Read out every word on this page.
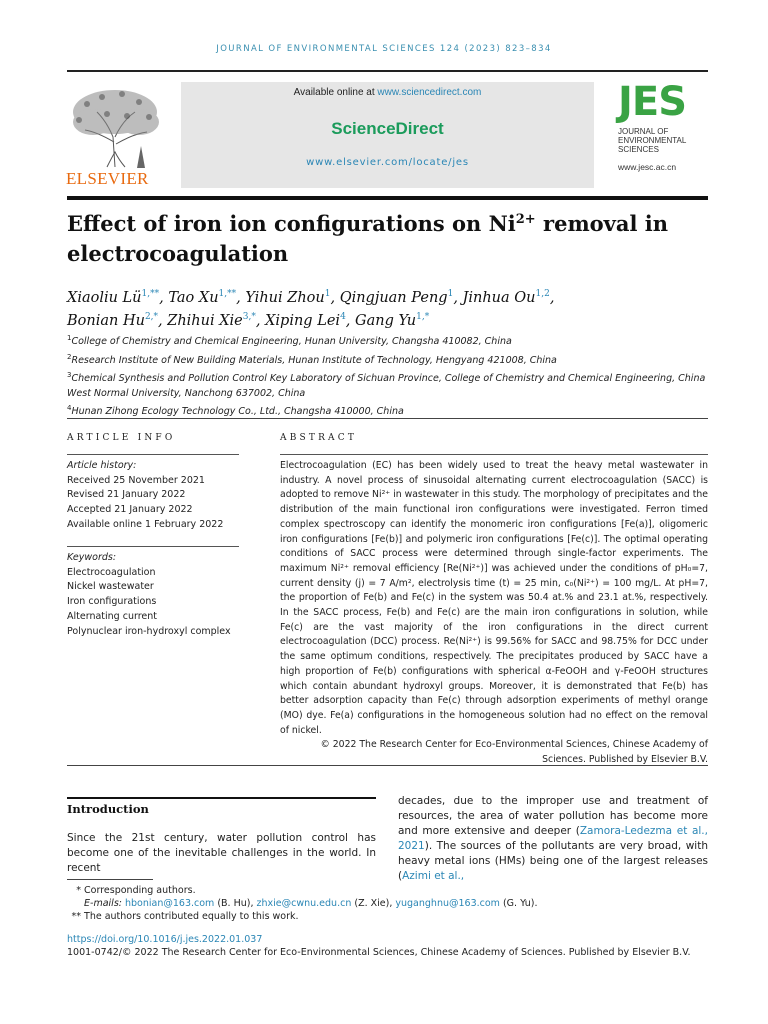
JOURNAL OF ENVIRONMENTAL SCIENCES 124 (2023) 823–834
ELSEVIER
Available online at www.sciencedirect.com
ScienceDirect
www.elsevier.com/locate/jes
JES
JOURNAL OF
ENVIRONMENTAL
SCIENCES
www.jesc.ac.cn
Effect of iron ion configurations on $Ni^{2+}$ removal in electrocoagulation
Xiaoliu $Lü^{1,**}$, Tao $Xu^{1,**}$, Yihui Zhou$^1$, Qingjuan Peng$^1$, Jinhua Ou$^{1,2}$,
Bonian $Hu^{2,*}$, Zhihui Xie$^{3,*}$, Xiping Lei$^4$, Gang $Yu^{1,*}$
$^1$College of Chemistry and Chemical Engineering, Hunan University, Changsha 410082, China
$^2$Research Institute of New Building Materials, Hunan Institute of Technology, Hengyang 421008, China
$^3$Chemical Synthesis and Pollution Control Key Laboratory of Sichuan Province, College of Chemistry and Chemical Engineering, China West Normal University, Nanchong 637002, China
$^4$Hunan Zihong Ecology Technology Co., Ltd., Changsha 410000, China
ARTICLE INFO
Article history:
Received 25 November 2021
Revised 21 January 2022
Accepted 21 January 2022
Available online 1 February 2022
Keywords:
Electrocoagulation
Nickel wastewater
Iron configurations
Alternating current
Polynuclear iron-hydroxyl complex
ABSTRACT
Electrocoagulation (EC) has been widely used to treat the heavy metal wastewater in industry. A novel process of sinusoidal alternating current electrocoagulation (SACC) is adopted to remove Ni²⁺ in wastewater in this study. The morphology of precipitates and the distribution of the main functional iron configurations were investigated. Ferron timed complex spectroscopy can identify the monomeric iron configurations [Fe(a)], oligomeric iron configurations [Fe(b)] and polymeric iron configurations [Fe(c)]. The optimal operating conditions of SACC process were determined through single-factor experiments. The maximum Ni²⁺ removal efficiency [Re(Ni²⁺)] was achieved under the conditions of pH₀=7, current density (j) = 7 A/m², electrolysis time (t) = 25 min, c₀(Ni²⁺) = 100 mg/L. At pH=7, the proportion of Fe(b) and Fe(c) in the system was 50.4 at.% and 23.1 at.%, respectively. In the SACC process, Fe(b) and Fe(c) are the main iron configurations in solution, while Fe(c) are the vast majority of the iron configurations in the direct current electrocoagulation (DCC) process. Re(Ni²⁺) is 99.56% for SACC and 98.75% for DCC under the same optimum conditions, respectively. The precipitates produced by SACC have a high proportion of Fe(b) configurations with spherical α-FeOOH and γ-FeOOH structures which contain abundant hydroxyl groups. Moreover, it is demonstrated that Fe(b) has better adsorption capacity than Fe(c) through adsorption experiments of methyl orange (MO) dye. Fe(a) configurations in the homogeneous solution had no effect on the removal of nickel.
© 2022 The Research Center for Eco-Environmental Sciences, Chinese Academy of Sciences. Published by Elsevier B.V.
Introduction
Since the 21st century, water pollution control has become one of the inevitable challenges in the world. In recent
decades, due to the improper use and treatment of resources, the area of water pollution has become more and more extensive and deeper (Zamora-Ledezma et al., 2021). The sources of the pollutants are very broad, with heavy metal ions (HMs) being one of the largest releases (Azimi et al.,
* Corresponding authors.
E-mails: hbonian@163.com (B. Hu), zhxie@cwnu.edu.cn (Z. Xie), yuganghnu@163.com (G. Yu).
** The authors contributed equally to this work.
https://doi.org/10.1016/j.jes.2022.01.037
1001-0742/© 2022 The Research Center for Eco-Environmental Sciences, Chinese Academy of Sciences. Published by Elsevier B.V.
